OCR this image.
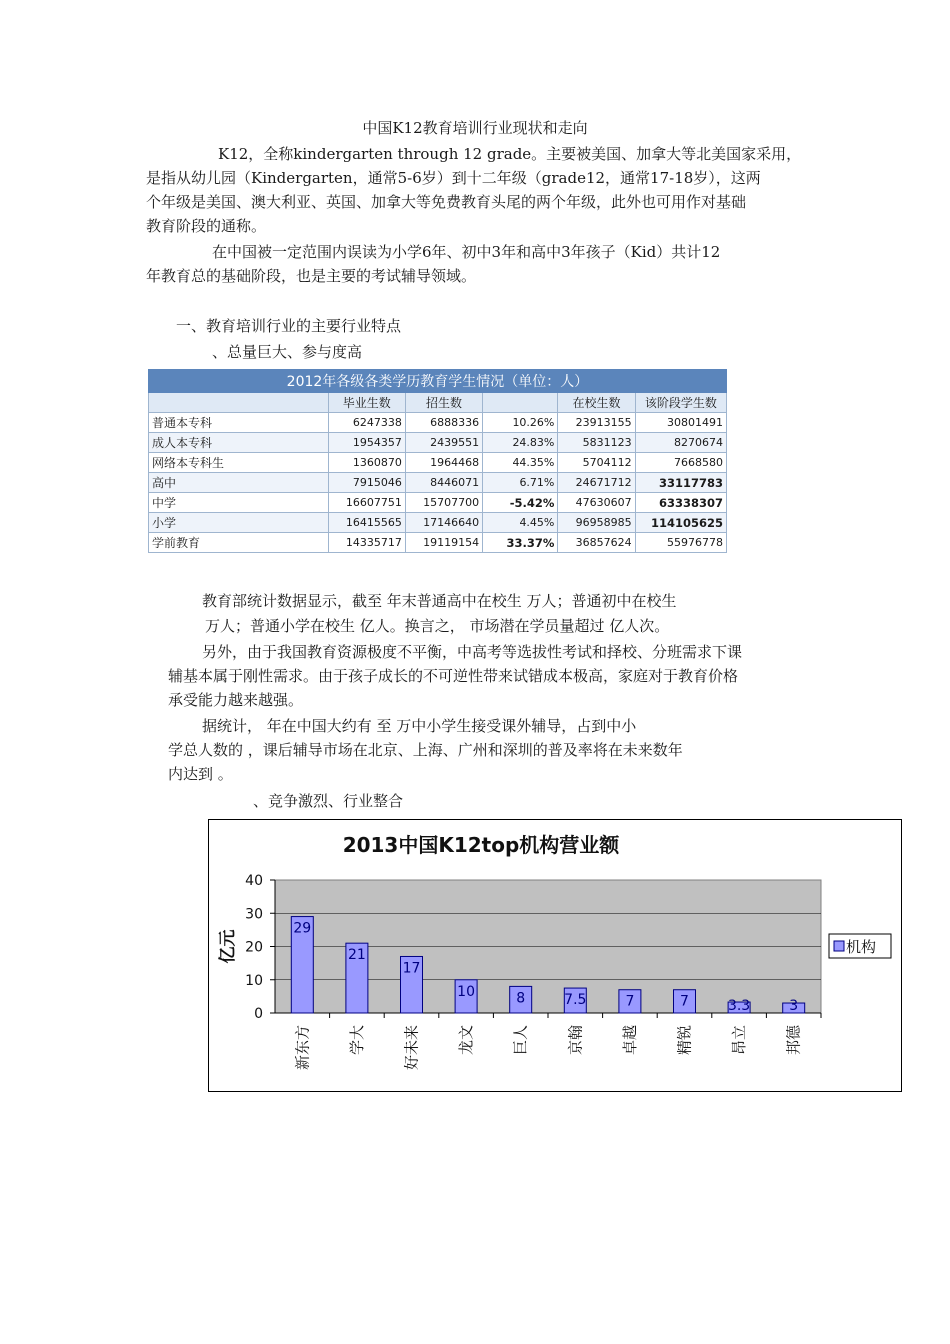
中国K12教育培训行业现状和走向
K12，全称kindergarten through 12 grade。主要被美国、加拿大等北美国家采用，
是指从幼儿园（Kindergarten，通常5-6岁）到十二年级（grade12，通常17-18岁），这两
个年级是美国、澳大利亚、英国、加拿大等免费教育头尾的两个年级，此外也可用作对基础
教育阶段的通称。
在中国被一定范围内误读为小学6年、初中3年和高中3年孩子（Kid）共计12
年教育总的基础阶段，也是主要的考试辅导领域。
一、教育培训行业的主要行业特点
、总量巨大、参与度高
2012年各级各类学历教育学生情况（单位：人）					
	毕业生数	招生数		在校生数	该阶段学生数
普通本专科	6247338	6888336	10.26%	23913155	30801491
成人本专科	1954357	2439551	24.83%	5831123	8270674
网络本专科生	1360870	1964468	44.35%	5704112	7668580
高中	7915046	8446071	6.71%	24671712	33117783
中学	16607751	15707700	-5.42%	47630607	63338307
小学	16415565	17146640	4.45%	96958985	114105625
学前教育	14335717	19119154	33.37%	36857624	55976778
教育部统计数据显示，截至 年末普通高中在校生 万人；普通初中在校生
万人；普通小学在校生 亿人。换言之， 市场潜在学员量超过 亿人次。
另外，由于我国教育资源极度不平衡，中高考等选拔性考试和择校、分班需求下课
辅基本属于刚性需求。由于孩子成长的不可逆性带来试错成本极高，家庭对于教育价格
承受能力越来越强。
据统计， 年在中国大约有 至 万中小学生接受课外辅导，占到中小
学总人数的 ，课后辅导市场在北京、上海、广州和深圳的普及率将在未来数年
内达到 。
、竞争激烈、行业整合
2013中国K12top机构营业额
0
10
20
30
40
亿元
29
新东方
21
学大
17
好未来
10
龙文
8
巨人
7.5
京翰
7
卓越
7
精锐
3.3
昂立
3
邦德
机构
